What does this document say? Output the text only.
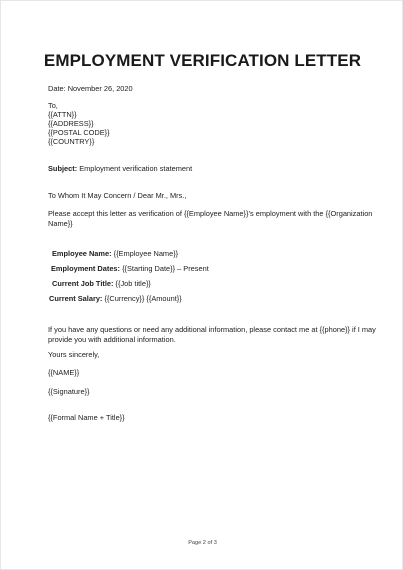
EMPLOYMENT VERIFICATION LETTER
Date: November 26, 2020
To,
{{ATTN}}
{{ADDRESS}}
{{POSTAL CODE}}
{{COUNTRY}}
Subject: Employment verification statement
To Whom It May Concern / Dear Mr., Mrs.,
Please accept this letter as verification of {{Employee Name}}’s employment with the {{Organization
Name}}
Employee Name: {{Employee Name}}
Employment Dates: {{Starting Date}} – Present
Current Job Title: {{Job title}}
Current Salary: {{Currency}} {{Amount}}
If you have any questions or need any additional information, please contact me at {{phone}} if I may
provide you with additional information.
Yours sincerely,
{{NAME}}
{{Signature}}
{{Formal Name + Title}}
Page 2 of 3
